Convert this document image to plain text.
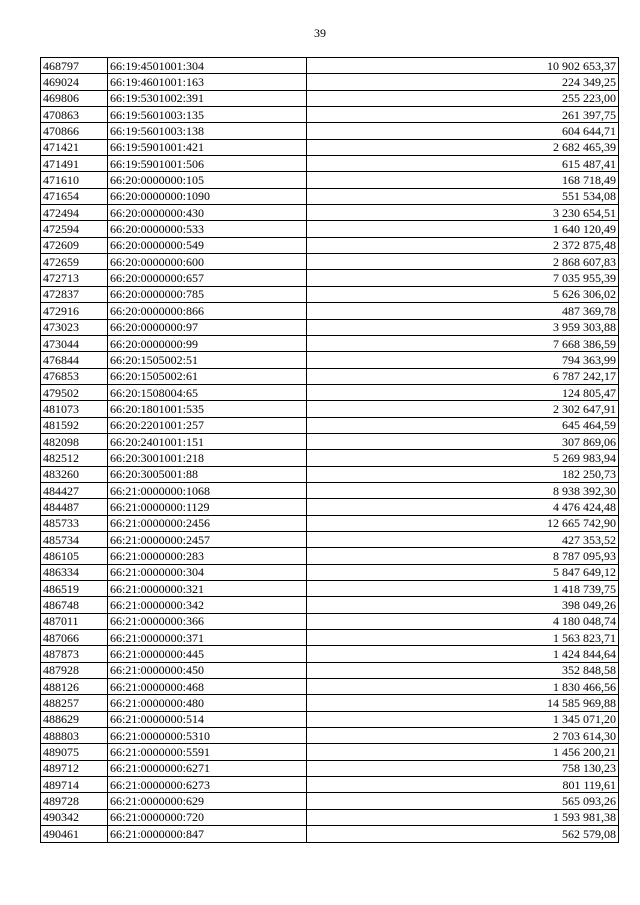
39
468797	66:19:4501001:304	10 902 653,37
469024	66:19:4601001:163	224 349,25
469806	66:19:5301002:391	255 223,00
470863	66:19:5601003:135	261 397,75
470866	66:19:5601003:138	604 644,71
471421	66:19:5901001:421	2 682 465,39
471491	66:19:5901001:506	615 487,41
471610	66:20:0000000:105	168 718,49
471654	66:20:0000000:1090	551 534,08
472494	66:20:0000000:430	3 230 654,51
472594	66:20:0000000:533	1 640 120,49
472609	66:20:0000000:549	2 372 875,48
472659	66:20:0000000:600	2 868 607,83
472713	66:20:0000000:657	7 035 955,39
472837	66:20:0000000:785	5 626 306,02
472916	66:20:0000000:866	487 369,78
473023	66:20:0000000:97	3 959 303,88
473044	66:20:0000000:99	7 668 386,59
476844	66:20:1505002:51	794 363,99
476853	66:20:1505002:61	6 787 242,17
479502	66:20:1508004:65	124 805,47
481073	66:20:1801001:535	2 302 647,91
481592	66:20:2201001:257	645 464,59
482098	66:20:2401001:151	307 869,06
482512	66:20:3001001:218	5 269 983,94
483260	66:20:3005001:88	182 250,73
484427	66:21:0000000:1068	8 938 392,30
484487	66:21:0000000:1129	4 476 424,48
485733	66:21:0000000:2456	12 665 742,90
485734	66:21:0000000:2457	427 353,52
486105	66:21:0000000:283	8 787 095,93
486334	66:21:0000000:304	5 847 649,12
486519	66:21:0000000:321	1 418 739,75
486748	66:21:0000000:342	398 049,26
487011	66:21:0000000:366	4 180 048,74
487066	66:21:0000000:371	1 563 823,71
487873	66:21:0000000:445	1 424 844,64
487928	66:21:0000000:450	352 848,58
488126	66:21:0000000:468	1 830 466,56
488257	66:21:0000000:480	14 585 969,88
488629	66:21:0000000:514	1 345 071,20
488803	66:21:0000000:5310	2 703 614,30
489075	66:21:0000000:5591	1 456 200,21
489712	66:21:0000000:6271	758 130,23
489714	66:21:0000000:6273	801 119,61
489728	66:21:0000000:629	565 093,26
490342	66:21:0000000:720	1 593 981,38
490461	66:21:0000000:847	562 579,08
